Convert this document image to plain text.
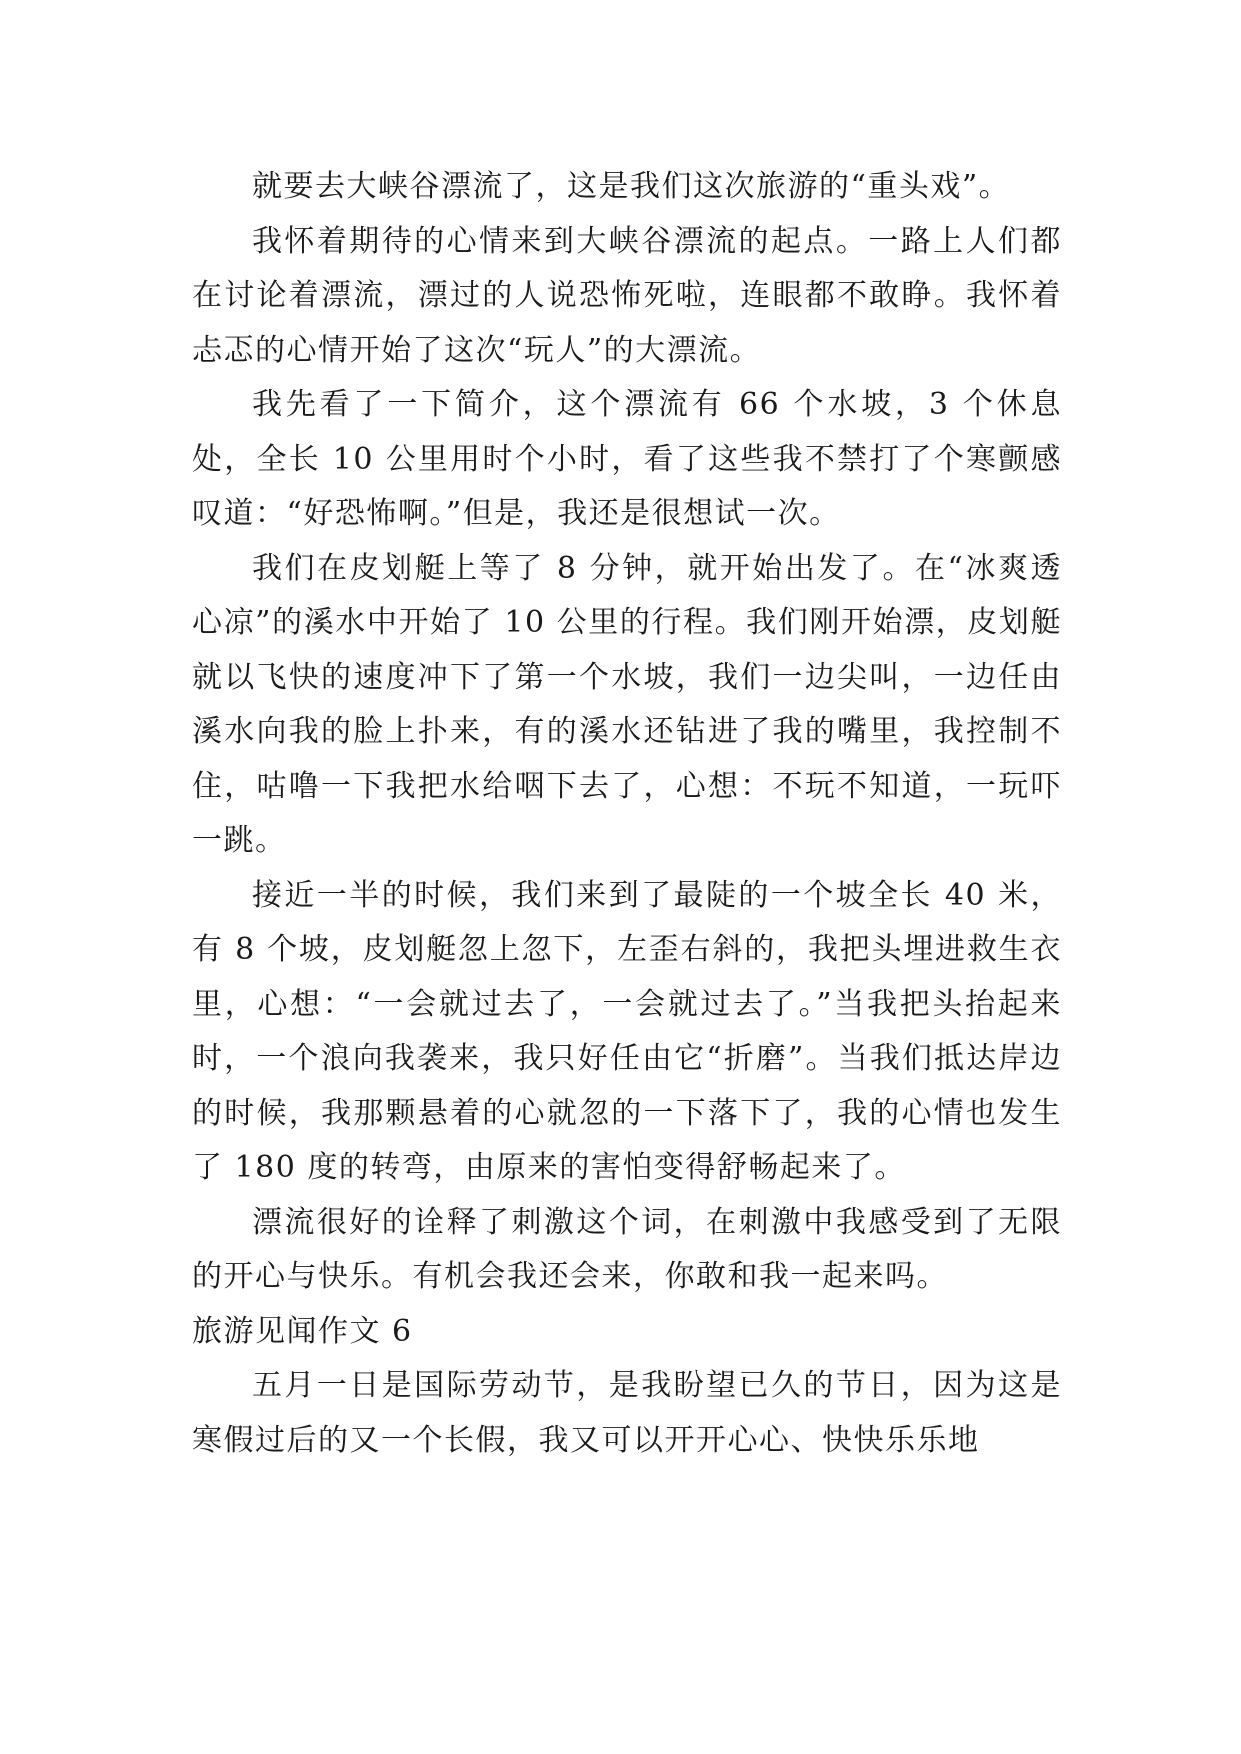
就要去大峡谷漂流了，这是我们这次旅游的“重头戏”。

我怀着期待的心情来到大峡谷漂流的起点。一路上人们都在讨论着漂流，漂过的人说恐怖死啦，连眼都不敢睁。我怀着忐忑的心情开始了这次“玩人”的大漂流。

我先看了一下简介，这个漂流有 66 个水坡，3 个休息处，全长 10 公里用时个小时，看了这些我不禁打了个寒颤感叹道：“好恐怖啊。”但是，我还是很想试一次。

我们在皮划艇上等了 8 分钟，就开始出发了。在“冰爽透心凉”的溪水中开始了 10 公里的行程。我们刚开始漂，皮划艇就以飞快的速度冲下了第一个水坡，我们一边尖叫，一边任由溪水向我的脸上扑来，有的溪水还钻进了我的嘴里，我控制不住，咕噜一下我把水给咽下去了，心想：不玩不知道，一玩吓一跳。

接近一半的时候，我们来到了最陡的一个坡全长 40 米，有 8 个坡，皮划艇忽上忽下，左歪右斜的，我把头埋进救生衣里，心想：“一会就过去了，一会就过去了。”当我把头抬起来时，一个浪向我袭来，我只好任由它“折磨”。当我们抵达岸边的时候，我那颗悬着的心就忽的一下落下了，我的心情也发生了 180 度的转弯，由原来的害怕变得舒畅起来了。

漂流很好的诠释了刺激这个词，在刺激中我感受到了无限的开心与快乐。有机会我还会来，你敢和我一起来吗。

旅游见闻作文 6

五月一日是国际劳动节，是我盼望已久的节日，因为这是寒假过后的又一个长假，我又可以开开心心、快快乐乐地
